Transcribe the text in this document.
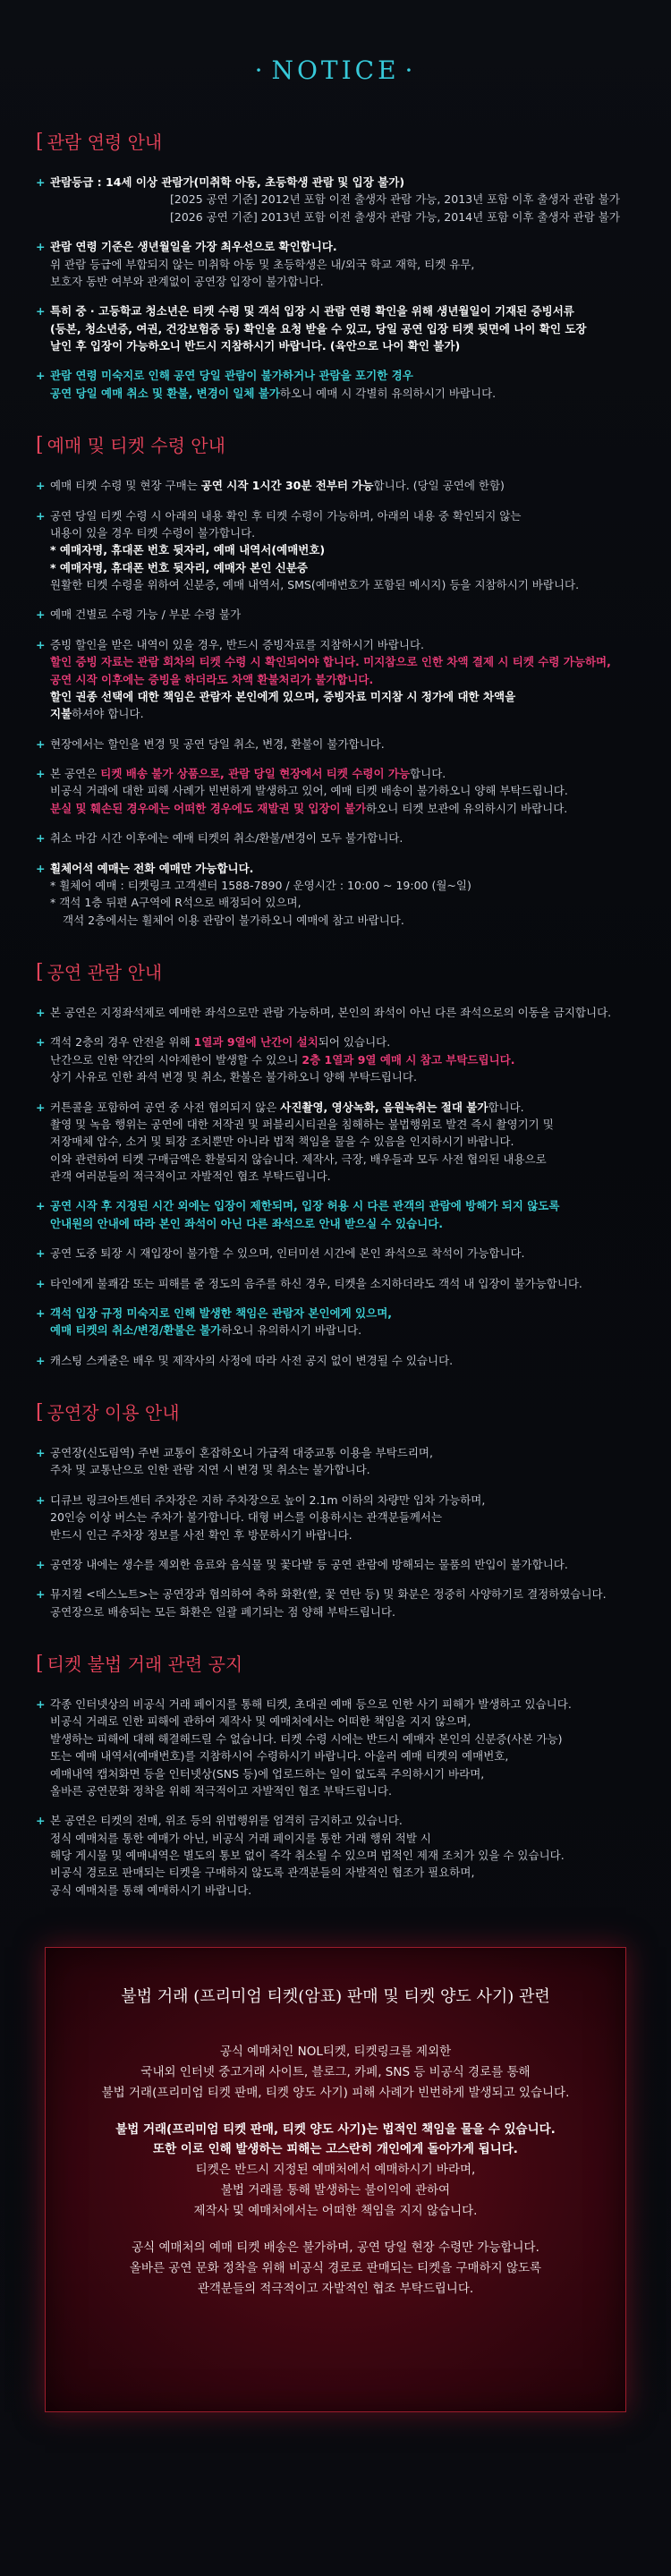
· NOTICE ·
[ 관람 연령 안내
+ 관람등급 : 14세 이상 관람가(미취학 아동, 초등학생 관람 및 입장 불가)
[2025 공연 기준] 2012년 포함 이전 출생자 관람 가능, 2013년 포함 이후 출생자 관람 불가
[2026 공연 기준] 2013년 포함 이전 출생자 관람 가능, 2014년 포함 이후 출생자 관람 불가
+ 관람 연령 기준은 생년월일을 가장 최우선으로 확인합니다.
위 관람 등급에 부합되지 않는 미취학 아동 및 초등학생은 내/외국 학교 재학, 티켓 유무,
보호자 동반 여부와 관계없이 공연장 입장이 불가합니다.
+ 특히 중 · 고등학교 청소년은 티켓 수령 및 객석 입장 시 관람 연령 확인을 위해 생년월일이 기재된 증빙서류
(등본, 청소년증, 여권, 건강보험증 등) 확인을 요청 받을 수 있고, 당일 공연 입장 티켓 뒷면에 나이 확인 도장
날인 후 입장이 가능하오니 반드시 지참하시기 바랍니다. (육안으로 나이 확인 불가)
+ 관람 연령 미숙지로 인해 공연 당일 관람이 불가하거나 관람을 포기한 경우
공연 당일 예매 취소 및 환불, 변경이 일체 불가하오니 예매 시 각별히 유의하시기 바랍니다.
[ 예매 및 티켓 수령 안내
+ 예매 티켓 수령 및 현장 구매는 공연 시작 1시간 30분 전부터 가능합니다. (당일 공연에 한함)
+ 공연 당일 티켓 수령 시 아래의 내용 확인 후 티켓 수령이 가능하며, 아래의 내용 중 확인되지 않는
내용이 있을 경우 티켓 수령이 불가합니다.
* 예매자명, 휴대폰 번호 뒷자리, 예매 내역서(예매번호)
* 예매자명, 휴대폰 번호 뒷자리, 예매자 본인 신분증
원활한 티켓 수령을 위하여 신분증, 예매 내역서, SMS(예매번호가 포함된 메시지) 등을 지참하시기 바랍니다.
+ 예매 건별로 수령 가능 / 부분 수령 불가
+ 증빙 할인을 받은 내역이 있을 경우, 반드시 증빙자료를 지참하시기 바랍니다.
할인 증빙 자료는 관람 회차의 티켓 수령 시 확인되어야 합니다. 미지참으로 인한 차액 결제 시 티켓 수령 가능하며,
공연 시작 이후에는 증빙을 하더라도 차액 환불처리가 불가합니다.
할인 권종 선택에 대한 책임은 관람자 본인에게 있으며, 증빙자료 미지참 시 정가에 대한 차액을
지불하셔야 합니다.
+ 현장에서는 할인을 변경 및 공연 당일 취소, 변경, 환불이 불가합니다.
+ 본 공연은 티켓 배송 불가 상품으로, 관람 당일 현장에서 티켓 수령이 가능합니다.
비공식 거래에 대한 피해 사례가 빈번하게 발생하고 있어, 예매 티켓 배송이 불가하오니 양해 부탁드립니다.
분실 및 훼손된 경우에는 어떠한 경우에도 재발권 및 입장이 불가하오니 티켓 보관에 유의하시기 바랍니다.
+ 취소 마감 시간 이후에는 예매 티켓의 취소/환불/변경이 모두 불가합니다.
+ 휠체어석 예매는 전화 예매만 가능합니다.
* 휠체어 예매 : 티켓링크 고객센터 1588-7890 / 운영시간 : 10:00 ~ 19:00 (월~일)
* 객석 1층 뒤편 A구역에 R석으로 배정되어 있으며,
객석 2층에서는 휠체어 이용 관람이 불가하오니 예매에 참고 바랍니다.
[ 공연 관람 안내
+ 본 공연은 지정좌석제로 예매한 좌석으로만 관람 가능하며, 본인의 좌석이 아닌 다른 좌석으로의 이동을 금지합니다.
+ 객석 2층의 경우 안전을 위해 1열과 9열에 난간이 설치되어 있습니다.
난간으로 인한 약간의 시야제한이 발생할 수 있으니 2층 1열과 9열 예매 시 참고 부탁드립니다.
상기 사유로 인한 좌석 변경 및 취소, 환불은 불가하오니 양해 부탁드립니다.
+ 커튼콜을 포함하여 공연 중 사전 협의되지 않은 사진촬영, 영상녹화, 음원녹취는 절대 불가합니다.
촬영 및 녹음 행위는 공연에 대한 저작권 및 퍼블리시티권을 침해하는 불법행위로 발견 즉시 촬영기기 및
저장매체 압수, 소거 및 퇴장 조치뿐만 아니라 법적 책임을 물을 수 있음을 인지하시기 바랍니다.
이와 관련하여 티켓 구매금액은 환불되지 않습니다. 제작사, 극장, 배우들과 모두 사전 협의된 내용으로
관객 여러분들의 적극적이고 자발적인 협조 부탁드립니다.
+ 공연 시작 후 지정된 시간 외에는 입장이 제한되며, 입장 허용 시 다른 관객의 관람에 방해가 되지 않도록
안내원의 안내에 따라 본인 좌석이 아닌 다른 좌석으로 안내 받으실 수 있습니다.
+ 공연 도중 퇴장 시 재입장이 불가할 수 있으며, 인터미션 시간에 본인 좌석으로 착석이 가능합니다.
+ 타인에게 불쾌감 또는 피해를 줄 정도의 음주를 하신 경우, 티켓을 소지하더라도 객석 내 입장이 불가능합니다.
+ 객석 입장 규정 미숙지로 인해 발생한 책임은 관람자 본인에게 있으며,
예매 티켓의 취소/변경/환불은 불가하오니 유의하시기 바랍니다.
+ 캐스팅 스케줄은 배우 및 제작사의 사정에 따라 사전 공지 없이 변경될 수 있습니다.
[ 공연장 이용 안내
+ 공연장(신도림역) 주변 교통이 혼잡하오니 가급적 대중교통 이용을 부탁드리며,
주차 및 교통난으로 인한 관람 지연 시 변경 및 취소는 불가합니다.
+ 디큐브 링크아트센터 주차장은 지하 주차장으로 높이 2.1m 이하의 차량만 입차 가능하며,
20인승 이상 버스는 주차가 불가합니다. 대형 버스를 이용하시는 관객분들께서는
반드시 인근 주차장 정보를 사전 확인 후 방문하시기 바랍니다.
+ 공연장 내에는 생수를 제외한 음료와 음식물 및 꽃다발 등 공연 관람에 방해되는 물품의 반입이 불가합니다.
+ 뮤지컬 <데스노트>는 공연장과 협의하여 축하 화환(쌀, 꽃 연탄 등) 및 화분은 정중히 사양하기로 결정하였습니다.
공연장으로 배송되는 모든 화환은 일괄 폐기되는 점 양해 부탁드립니다.
[ 티켓 불법 거래 관련 공지
+ 각종 인터넷상의 비공식 거래 페이지를 통해 티켓, 초대권 예매 등으로 인한 사기 피해가 발생하고 있습니다.
비공식 거래로 인한 피해에 관하여 제작사 및 예매처에서는 어떠한 책임을 지지 않으며,
발생하는 피해에 대해 해결해드릴 수 없습니다. 티켓 수령 시에는 반드시 예매자 본인의 신분증(사본 가능)
또는 예매 내역서(예매번호)를 지참하시어 수령하시기 바랍니다. 아울러 예매 티켓의 예매번호,
예매내역 캡처화면 등을 인터넷상(SNS 등)에 업로드하는 일이 없도록 주의하시기 바라며,
올바른 공연문화 정착을 위해 적극적이고 자발적인 협조 부탁드립니다.
+ 본 공연은 티켓의 전매, 위조 등의 위법행위를 엄격히 금지하고 있습니다.
정식 예매처를 통한 예매가 아닌, 비공식 거래 페이지를 통한 거래 행위 적발 시
해당 게시물 및 예매내역은 별도의 통보 없이 즉각 취소될 수 있으며 법적인 제재 조치가 있을 수 있습니다.
비공식 경로로 판매되는 티켓을 구매하지 않도록 관객분들의 자발적인 협조가 필요하며,
공식 예매처를 통해 예매하시기 바랍니다.
불법 거래 (프리미엄 티켓(암표) 판매 및 티켓 양도 사기) 관련
공식 예매처인 NOL티켓, 티켓링크를 제외한
국내외 인터넷 중고거래 사이트, 블로그, 카페, SNS 등 비공식 경로를 통해
불법 거래(프리미엄 티켓 판매, 티켓 양도 사기) 피해 사례가 빈번하게 발생되고 있습니다.
불법 거래(프리미엄 티켓 판매, 티켓 양도 사기)는 법적인 책임을 물을 수 있습니다.
또한 이로 인해 발생하는 피해는 고스란히 개인에게 돌아가게 됩니다.
티켓은 반드시 지정된 예매처에서 예매하시기 바라며,
불법 거래를 통해 발생하는 불이익에 관하여
제작사 및 예매처에서는 어떠한 책임을 지지 않습니다.
공식 예매처의 예매 티켓 배송은 불가하며, 공연 당일 현장 수령만 가능합니다.
올바른 공연 문화 정착을 위해 비공식 경로로 판매되는 티켓을 구매하지 않도록
관객분들의 적극적이고 자발적인 협조 부탁드립니다.
